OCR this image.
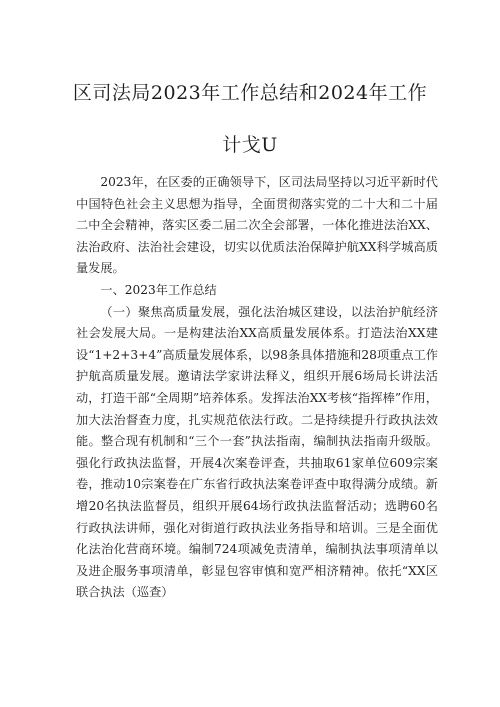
区司法局2023年工作总结和2024年工作
计戈U

2023年，在区委的正确领导下，区司法局坚持以习近平新时代中国特色社会主义思想为指导，全面贯彻落实党的二十大和二十届二中全会精神，落实区委二届二次全会部署，一体化推进法治XX、法治政府、法治社会建设，切实以优质法治保障护航XX科学城高质量发展。

一、2023年工作总结

（一）聚焦高质量发展，强化法治城区建设，以法治护航经济社会发展大局。一是构建法治XX高质量发展体系。打造法治XX建设“1+2+3+4”高质量发展体系，以98条具体措施和28项重点工作护航高质量发展。邀请法学家讲法释义，组织开展6场局长讲法活动，打造干部“全周期”培养体系。发挥法治XX考核“指挥棒”作用，加大法治督查力度，扎实规范依法行政。二是持续提升行政执法效能。整合现有机制和“三个一套”执法指南，编制执法指南升级版。强化行政执法监督，开展4次案卷评查，共抽取61家单位609宗案卷，推动10宗案卷在广东省行政执法案卷评查中取得满分成绩。新增20名执法监督员，组织开展64场行政执法监督活动；选聘60名行政执法讲师，强化对街道行政执法业务指导和培训。三是全面优化法治化营商环境。编制724项减免责清单，编制执法事项清单以及进企服务事项清单，彰显包容审慎和宽严相济精神。依托“XX区联合执法（巡查）
